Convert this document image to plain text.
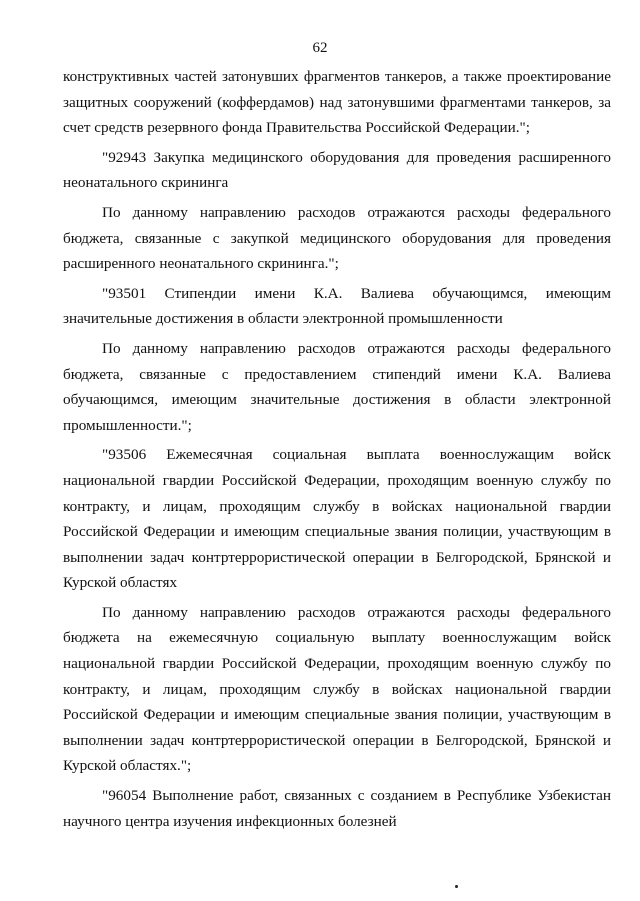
62

конструктивных частей затонувших фрагментов танкеров, а также проектирование защитных сооружений (коффердамов) над затонувшими фрагментами танкеров, за счет средств резервного фонда Правительства Российской Федерации.";

"92943 Закупка медицинского оборудования для проведения расширенного неонатального скрининга

По данному направлению расходов отражаются расходы федерального бюджета, связанные с закупкой медицинского оборудования для проведения расширенного неонатального скрининга.";

"93501 Стипендии имени К.А. Валиева обучающимся, имеющим значительные достижения в области электронной промышленности

По данному направлению расходов отражаются расходы федерального бюджета, связанные с предоставлением стипендий имени К.А. Валиева обучающимся, имеющим значительные достижения в области электронной промышленности.";

"93506 Ежемесячная социальная выплата военнослужащим войск национальной гвардии Российской Федерации, проходящим военную службу по контракту, и лицам, проходящим службу в войсках национальной гвардии Российской Федерации и имеющим специальные звания полиции, участвующим в выполнении задач контртеррористической операции в Белгородской, Брянской и Курской областях

По данному направлению расходов отражаются расходы федерального бюджета на ежемесячную социальную выплату военнослужащим войск национальной гвардии Российской Федерации, проходящим военную службу по контракту, и лицам, проходящим службу в войсках национальной гвардии Российской Федерации и имеющим специальные звания полиции, участвующим в выполнении задач контртеррористической операции в Белгородской, Брянской и Курской областях.";

"96054 Выполнение работ, связанных с созданием в Республике Узбекистан научного центра изучения инфекционных болезней
